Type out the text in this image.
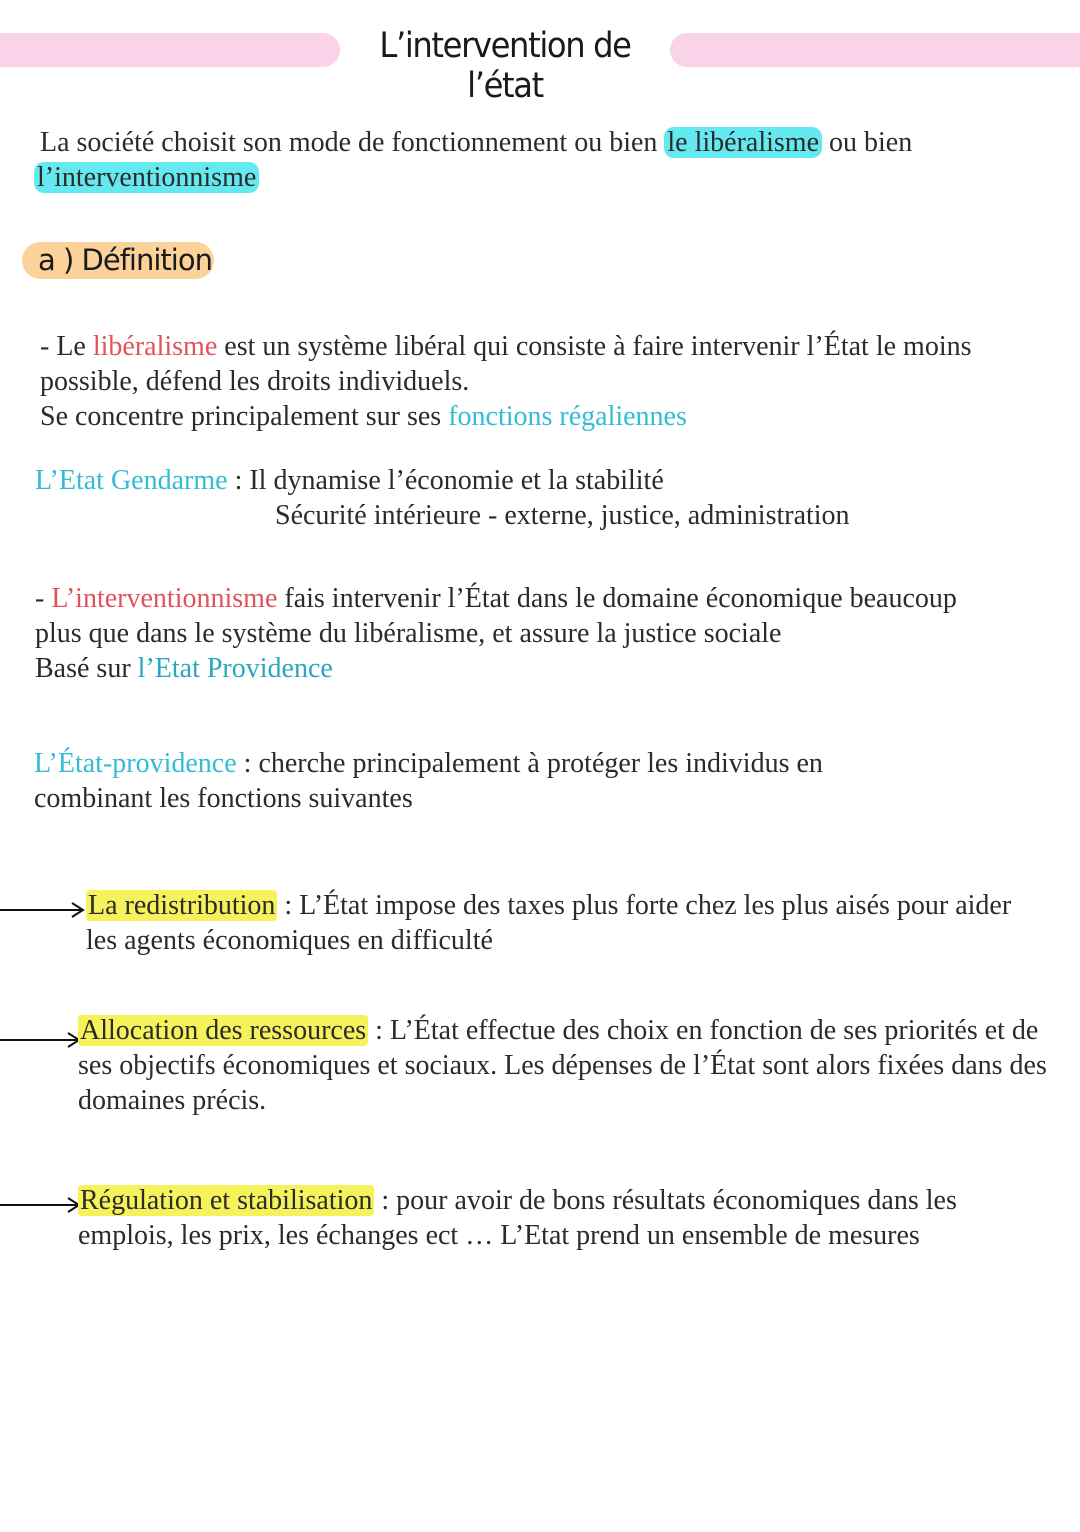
L’intervention de l’état
La société choisit son mode de fonctionnement ou bien le libéralisme ou bien
l’interventionnisme
a ) Définition
- Le libéralisme est un système libéral qui consiste à faire intervenir l’État le moins possible, défend les droits individuels.
Se concentre principalement sur ses fonctions régaliennes
L’Etat Gendarme : Il dynamise l’économie et la stabilité
Sécurité intérieure - externe, justice, administration
- L’interventionnisme fais intervenir l’État dans le domaine économique beaucoup plus que dans le système du libéralisme, et assure la justice sociale
Basé sur l’Etat Providence
L’État-providence : cherche principalement à protéger les individus en combinant les fonctions suivantes
La redistribution : L’État impose des taxes plus forte chez les plus aisés pour aider les agents économiques en difficulté
Allocation des ressources : L’État effectue des choix en fonction de ses priorités et de ses objectifs économiques et sociaux. Les dépenses de l’État sont alors fixées dans des domaines précis.
Régulation et stabilisation : pour avoir de bons résultats économiques dans les emplois, les prix, les échanges ect … L’Etat prend un ensemble de mesures
